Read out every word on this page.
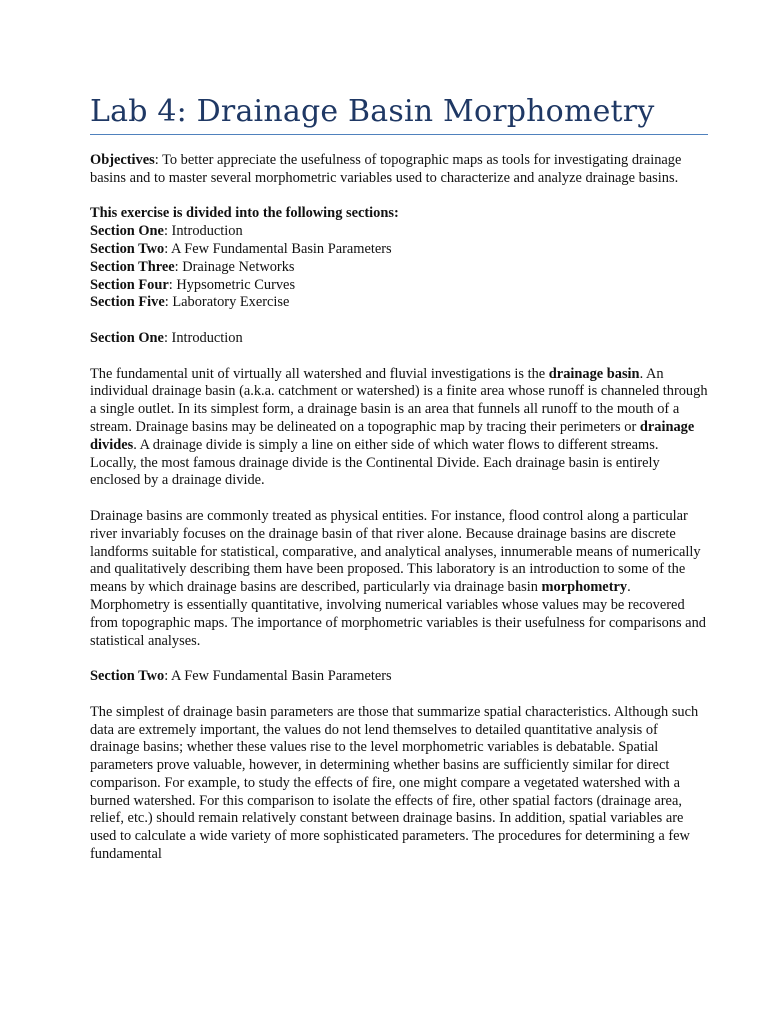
Lab 4: Drainage Basin Morphometry

Objectives: To better appreciate the usefulness of topographic maps as tools for investigating drainage basins and to master several morphometric variables used to characterize and analyze drainage basins.

This exercise is divided into the following sections:

Section One: Introduction

Section Two: A Few Fundamental Basin Parameters

Section Three: Drainage Networks

Section Four: Hypsometric Curves

Section Five: Laboratory Exercise

Section One: Introduction

The fundamental unit of virtually all watershed and fluvial investigations is the drainage basin. An individual drainage basin (a.k.a. catchment or watershed) is a finite area whose runoff is channeled through a single outlet. In its simplest form, a drainage basin is an area that funnels all runoff to the mouth of a stream. Drainage basins may be delineated on a topographic map by tracing their perimeters or drainage divides. A drainage divide is simply a line on either side of which water flows to different streams. Locally, the most famous drainage divide is the Continental Divide. Each drainage basin is entirely enclosed by a drainage divide.

Drainage basins are commonly treated as physical entities. For instance, flood control along a particular river invariably focuses on the drainage basin of that river alone. Because drainage basins are discrete landforms suitable for statistical, comparative, and analytical analyses, innumerable means of numerically and qualitatively describing them have been proposed. This laboratory is an introduction to some of the means by which drainage basins are described, particularly via drainage basin morphometry. Morphometry is essentially quantitative, involving numerical variables whose values may be recovered from topographic maps. The importance of morphometric variables is their usefulness for comparisons and statistical analyses.

Section Two: A Few Fundamental Basin Parameters

The simplest of drainage basin parameters are those that summarize spatial characteristics. Although such data are extremely important, the values do not lend themselves to detailed quantitative analysis of drainage basins; whether these values rise to the level morphometric variables is debatable. Spatial parameters prove valuable, however, in determining whether basins are sufficiently similar for direct comparison. For example, to study the effects of fire, one might compare a vegetated watershed with a burned watershed. For this comparison to isolate the effects of fire, other spatial factors (drainage area, relief, etc.) should remain relatively constant between drainage basins. In addition, spatial variables are used to calculate a wide variety of more sophisticated parameters. The procedures for determining a few fundamental
